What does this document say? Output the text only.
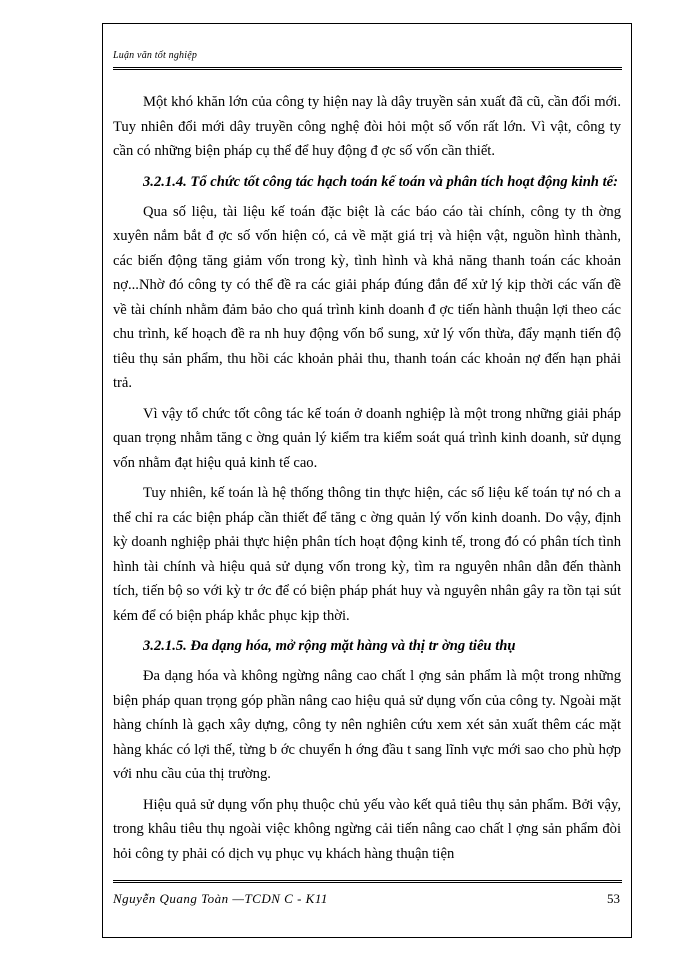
Luận văn tốt nghiệp

Một khó khăn lớn của công ty hiện nay là dây truyền sản xuất đã cũ, cần đổi mới. Tuy nhiên đổi mới dây truyền công nghệ đòi hỏi một số vốn rất lớn. Vì vật, công ty cần có những biện pháp cụ thể để huy động đ ợc số vốn cần thiết.

3.2.1.4. Tổ chức tốt công tác hạch toán kế toán và phân tích hoạt động kinh tế:

Qua số liệu, tài liệu kế toán đặc biệt là các báo cáo tài chính, công ty th ờng xuyên nắm bắt đ ợc số vốn hiện có, cả về mặt giá trị và hiện vật, nguồn hình thành, các biến động tăng giảm vốn trong kỳ, tình hình và khả năng thanh toán các khoản nợ...Nhờ đó công ty có thể đề ra các giải pháp đúng đắn để xử lý kịp thời các vấn đề về tài chính nhằm đảm bảo cho quá trình kinh doanh đ ợc tiến hành thuận lợi theo các chu trình, kế hoạch đề ra nh huy động vốn bổ sung, xử lý vốn thừa, đẩy mạnh tiến độ tiêu thụ sản phẩm, thu hồi các khoản phải thu, thanh toán các khoản nợ đến hạn phải trả.

Vì vậy tổ chức tốt công tác kế toán ở doanh nghiệp là một trong những giải pháp quan trọng nhằm tăng c ờng quản lý kiểm tra kiểm soát quá trình kinh doanh, sử dụng vốn nhằm đạt hiệu quả kinh tế cao.

Tuy nhiên, kế toán là hệ thống thông tin thực hiện, các số liệu kế toán tự nó ch a thể chỉ ra các biện pháp cần thiết để tăng c ờng quản lý vốn kinh doanh. Do vậy, định kỳ doanh nghiệp phải thực hiện phân tích hoạt động kinh tế, trong đó có phân tích tình hình tài chính và hiệu quả sử dụng vốn trong kỳ, tìm ra nguyên nhân dẫn đến thành tích, tiến bộ so với kỳ tr ớc để có biện pháp phát huy và nguyên nhân gây ra tồn tại sút kém để có biện pháp khắc phục kịp thời.

3.2.1.5. Đa dạng hóa, mở rộng mặt hàng và thị tr ờng tiêu thụ

Đa dạng hóa và không ngừng nâng cao chất l ợng sản phẩm là một trong những biện pháp quan trọng góp phần nâng cao hiệu quả sử dụng vốn của công ty. Ngoài mặt hàng chính là gạch xây dựng, công ty nên nghiên cứu xem xét sản xuất thêm các mặt hàng khác có lợi thế, từng b ớc chuyển h ớng đầu t sang lĩnh vực mới sao cho phù hợp với nhu cầu của thị trường.

Hiệu quả sử dụng vốn phụ thuộc chủ yếu vào kết quả tiêu thụ sản phẩm. Bởi vậy, trong khâu tiêu thụ ngoài việc không ngừng cải tiến nâng cao chất l ợng sản phẩm đòi hỏi công ty phải có dịch vụ phục vụ khách hàng thuận tiện

Nguyễn Quang Toàn —TCDN C - K11	53
